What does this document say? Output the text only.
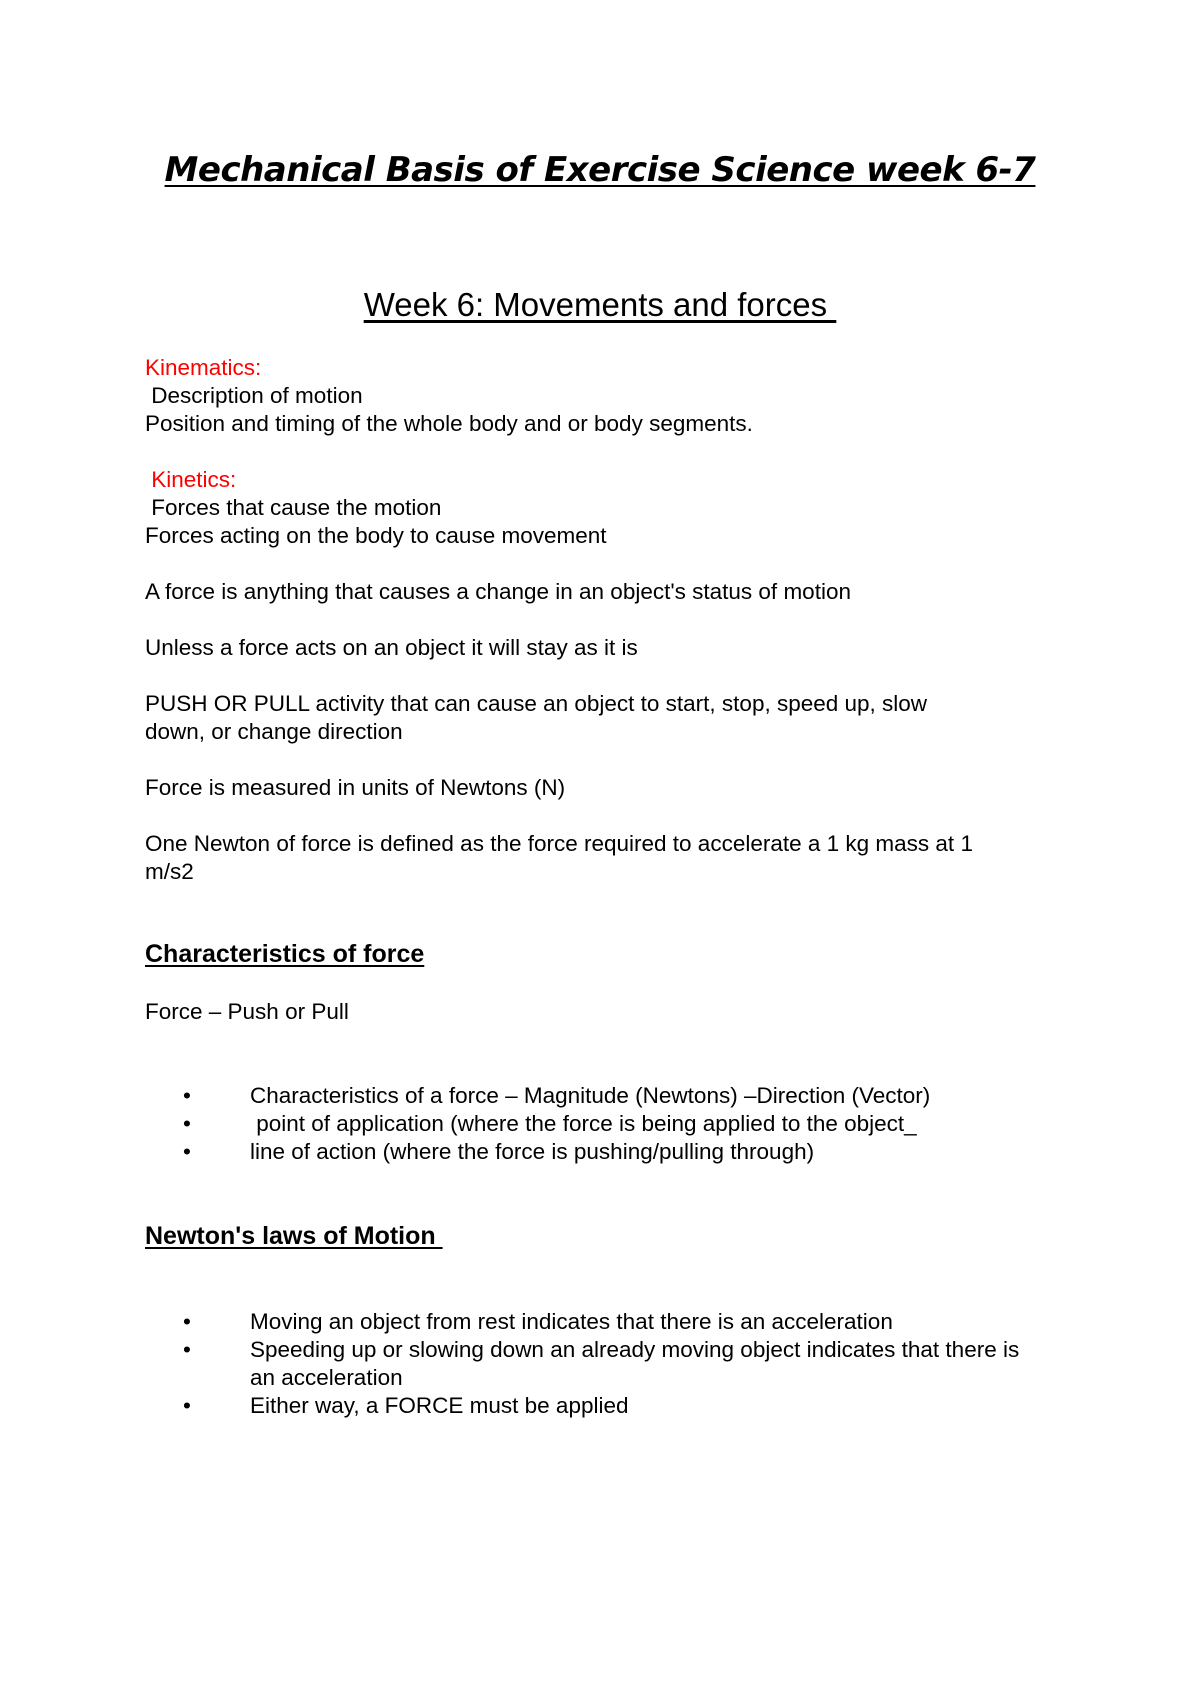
Mechanical Basis of Exercise Science week 6-7
Week 6: Movements and forces
Kinematics:
Description of motion
Position and timing of the whole body and or body segments.
Kinetics:
Forces that cause the motion
Forces acting on the body to cause movement
A force is anything that causes a change in an object's status of motion
Unless a force acts on an object it will stay as it is
PUSH OR PULL activity that can cause an object to start, stop, speed up, slow
down, or change direction
Force is measured in units of Newtons (N)
One Newton of force is defined as the force required to accelerate a 1 kg mass at 1
m/s2
Characteristics of force
Force – Push or Pull
•	Characteristics of a force – Magnitude (Newtons) –Direction (Vector)
•	point of application (where the force is being applied to the object_
•	line of action (where the force is pushing/pulling through)
Newton's laws of Motion
•	Moving an object from rest indicates that there is an acceleration
•	Speeding up or slowing down an already moving object indicates that there is
an acceleration
•	Either way, a FORCE must be applied
